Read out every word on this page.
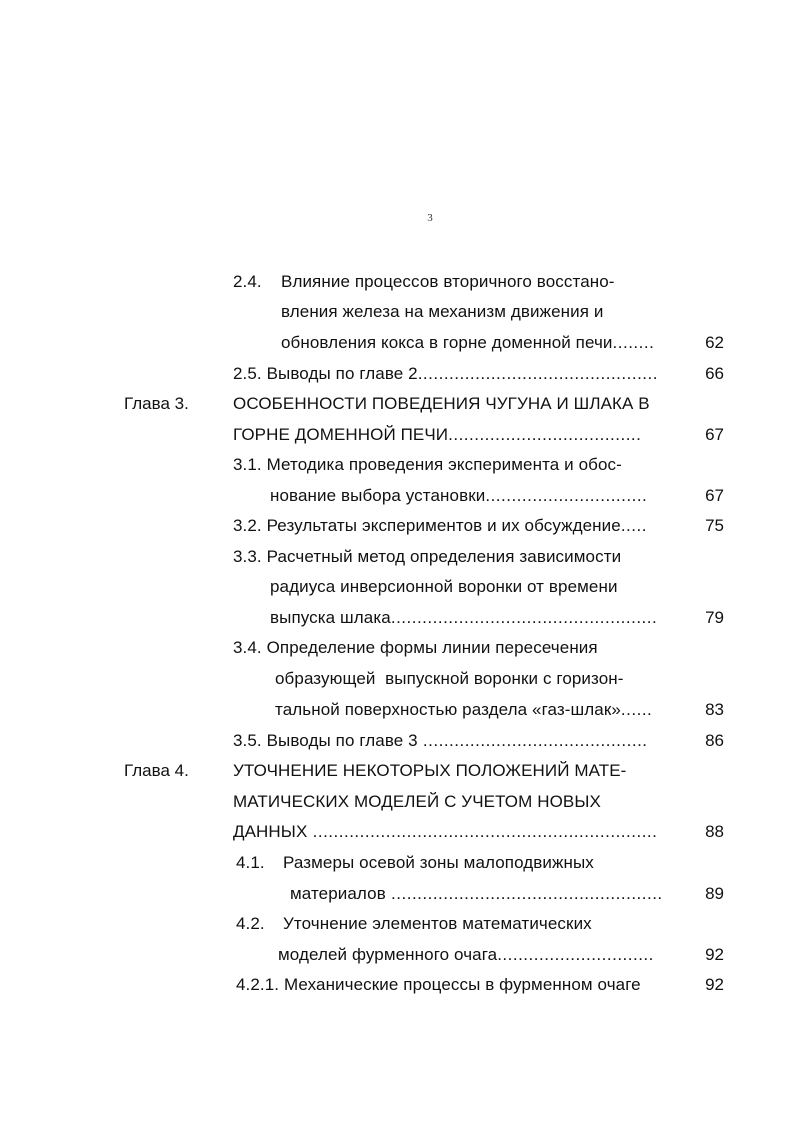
3
2.4. Влияние процессов вторичного восстано-
вления железа на механизм движения и
обновления кокса в горне доменной печи........	62
2.5. Выводы по главе 2..............................................	66
Глава 3.	ОСОБЕННОСТИ ПОВЕДЕНИЯ ЧУГУНА И ШЛАКА В
ГОРНЕ ДОМЕННОЙ ПЕЧИ.....................................	67
3.1. Методика проведения эксперимента и обос-
нование выбора установки...............................	67
3.2. Результаты экспериментов и их обсуждение.....	75
3.3. Расчетный метод определения зависимости
радиуса инверсионной воронки от времени
выпуска шлака...................................................	79
3.4. Определение формы линии пересечения
образующей  выпускной воронки с горизон-
тальной поверхностью раздела «газ-шлак»......	83
3.5. Выводы по главе 3 ...........................................	86
Глава 4.	УТОЧНЕНИЕ НЕКОТОРЫХ ПОЛОЖЕНИЙ МАТЕ-
МАТИЧЕСКИХ МОДЕЛЕЙ С УЧЕТОМ НОВЫХ
ДАННЫХ ..................................................................	88
4.1. Размеры осевой зоны малоподвижных
материалов ....................................................	89
4.2. Уточнение элементов математических
моделей фурменного очага..............................	92
4.2.1. Механические процессы в фурменном очаге	92
